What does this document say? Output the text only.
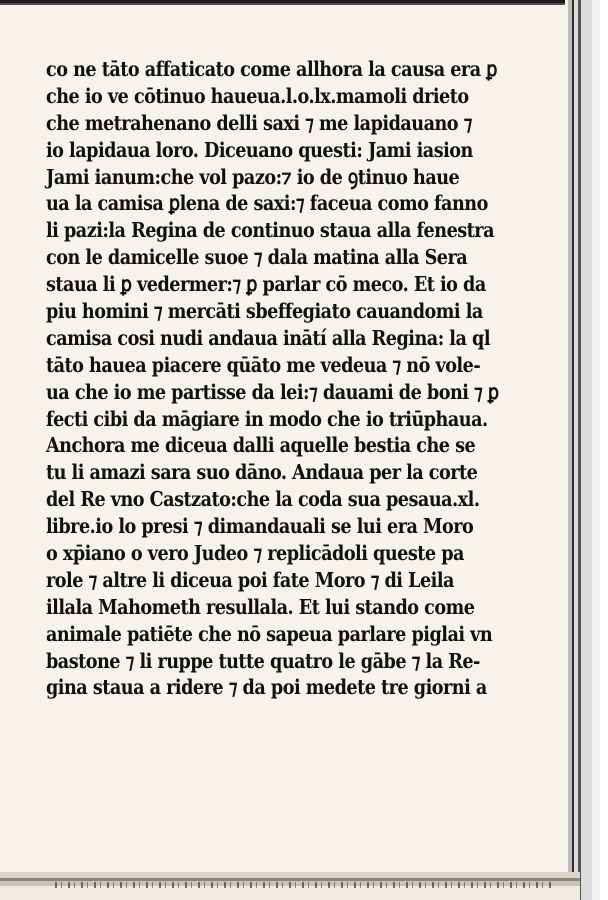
co ne tāto affaticato come allhora la causa era ꝑ
che io ve cōtinuo haueua.l.o.lx.mamoli drieto
che metrahenano delli saxi ⁊ me lapidauano ⁊
io lapidaua loro. Diceuano questi: Jami iasion
Jami ianum:che vol pazo:⁊ io de ꝯtinuo haue
ua la camisa ꝑlena de saxi:⁊ faceua como fanno
li pazi:la Regina de continuo staua alla fenestra
con le damicelle suoe ⁊ dala matina alla Sera
staua li ꝑ vedermer:⁊ ꝑ parlar cō meco. Et io da
piu homini ⁊ mercāti sbeffegiato cauandomi la
camisa cosi nudi andaua inātí alla Regina: la ql
tāto hauea piacere qūāto me vedeua ⁊ nō vole-
ua che io me partisse da lei:⁊ dauami de boni ⁊ ꝑ
fecti cibi da māgiare in modo che io triūphaua.
Anchora me diceua dalli aquelle bestia che se
tu li amazi sara suo dāno. Andaua per la corte
del Re vno Castzato:che la coda sua pesaua.xl.
libre.io lo presi ⁊ dimandauali se lui era Moro
o xp̄iano o vero Judeo ⁊ replicādoli queste pa
role ⁊ altre li diceua poi fate Moro ⁊ di Leila
illala Mahometh resullala. Et lui stando come
animale patiēte che nō sapeua parlare piglai vn
bastone ⁊ li ruppe tutte quatro le gābe ⁊ la Re-
gina staua a ridere ⁊ da poi medete tre giorni a
